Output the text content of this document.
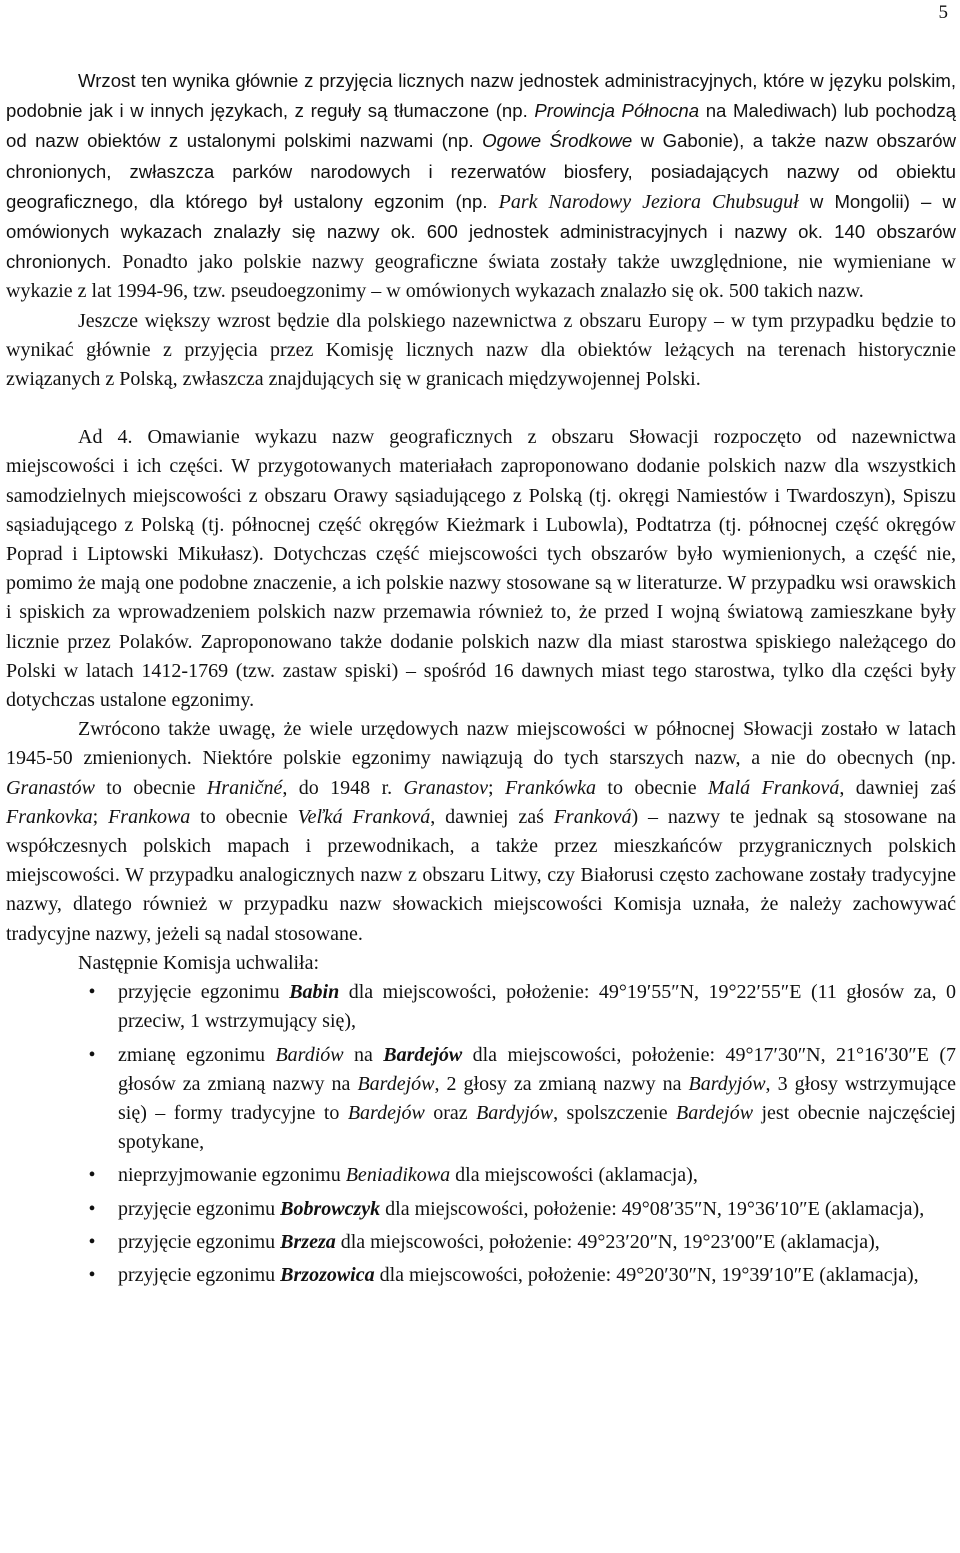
5

Wrzost ten wynika głównie z przyjęcia licznych nazw jednostek administracyjnych, które w języku polskim, podobnie jak i w innych językach, z reguły są tłumaczone (np. Prowincja Północna na Malediwach) lub pochodzą od nazw obiektów z ustalonymi polskimi nazwami (np. Ogowe Środkowe w Gabonie), a także nazw obszarów chronionych, zwłaszcza parków narodowych i rezerwatów biosfery, posiadających nazwy od obiektu geograficznego, dla którego był ustalony egzonim (np. Park Narodowy Jeziora Chubsuguł w Mongolii) – w omówionych wykazach znalazły się nazwy ok. 600 jednostek administracyjnych i nazwy ok. 140 obszarów chronionych. Ponadto jako polskie nazwy geograficzne świata zostały także uwzględnione, nie wymieniane w wykazie z lat 1994-96, tzw. pseudoegzonimy – w omówionych wykazach znalazło się ok. 500 takich nazw.

Jeszcze większy wzrost będzie dla polskiego nazewnictwa z obszaru Europy – w tym przypadku będzie to wynikać głównie z przyjęcia przez Komisję licznych nazw dla obiektów leżących na terenach historycznie związanych z Polską, zwłaszcza znajdujących się w granicach międzywojennej Polski.

Ad 4. Omawianie wykazu nazw geograficznych z obszaru Słowacji rozpoczęto od nazewnictwa miejscowości i ich części. W przygotowanych materiałach zaproponowano dodanie polskich nazw dla wszystkich samodzielnych miejscowości z obszaru Orawy sąsiadującego z Polską (tj. okręgi Namiestów i Twardoszyn), Spiszu sąsiadującego z Polską (tj. północnej część okręgów Kieżmark i Lubowla), Podtatrza (tj. północnej część okręgów Poprad i Liptowski Mikułasz). Dotychczas część miejscowości tych obszarów było wymienionych, a część nie, pomimo że mają one podobne znaczenie, a ich polskie nazwy stosowane są w literaturze. W przypadku wsi orawskich i spiskich za wprowadzeniem polskich nazw przemawia również to, że przed I wojną światową zamieszkane były licznie przez Polaków. Zaproponowano także dodanie polskich nazw dla miast starostwa spiskiego należącego do Polski w latach 1412-1769 (tzw. zastaw spiski) – spośród 16 dawnych miast tego starostwa, tylko dla części były dotychczas ustalone egzonimy.

Zwrócono także uwagę, że wiele urzędowych nazw miejscowości w północnej Słowacji zostało w latach 1945-50 zmienionych. Niektóre polskie egzonimy nawiązują do tych starszych nazw, a nie do obecnych (np. Granastów to obecnie Hraničné, do 1948 r. Granastov; Frankówka to obecnie Malá Franková, dawniej zaś Frankovka; Frankowa to obecnie Veľká Franková, dawniej zaś Franková) – nazwy te jednak są stosowane na współczesnych polskich mapach i przewodnikach, a także przez mieszkańców przygranicznych polskich miejscowości. W przypadku analogicznych nazw z obszaru Litwy, czy Białorusi często zachowane zostały tradycyjne nazwy, dlatego również w przypadku nazw słowackich miejscowości Komisja uznała, że należy zachowywać tradycyjne nazwy, jeżeli są nadal stosowane.

Następnie Komisja uchwaliła:

•	przyjęcie egzonimu Babin dla miejscowości, położenie: 49°19′55″N, 19°22′55″E (11 głosów za, 0 przeciw, 1 wstrzymujący się),
•	zmianę egzonimu Bardiów na Bardejów dla miejscowości, położenie: 49°17′30″N, 21°16′30″E (7 głosów za zmianą nazwy na Bardejów, 2 głosy za zmianą nazwy na Bardyjów, 3 głosy wstrzymujące się) – formy tradycyjne to Bardejów oraz Bardyjów, spolszczenie Bardejów jest obecnie najczęściej spotykane,
•	nieprzyjmowanie egzonimu Beniadikowa dla miejscowości (aklamacja),
•	przyjęcie egzonimu Bobrowczyk dla miejscowości, położenie: 49°08′35″N, 19°36′10″E (aklamacja),
•	przyjęcie egzonimu Brzeza dla miejscowości, położenie: 49°23′20″N, 19°23′00″E (aklamacja),
•	przyjęcie egzonimu Brzozowica dla miejscowości, położenie: 49°20′30″N, 19°39′10″E (aklamacja),
